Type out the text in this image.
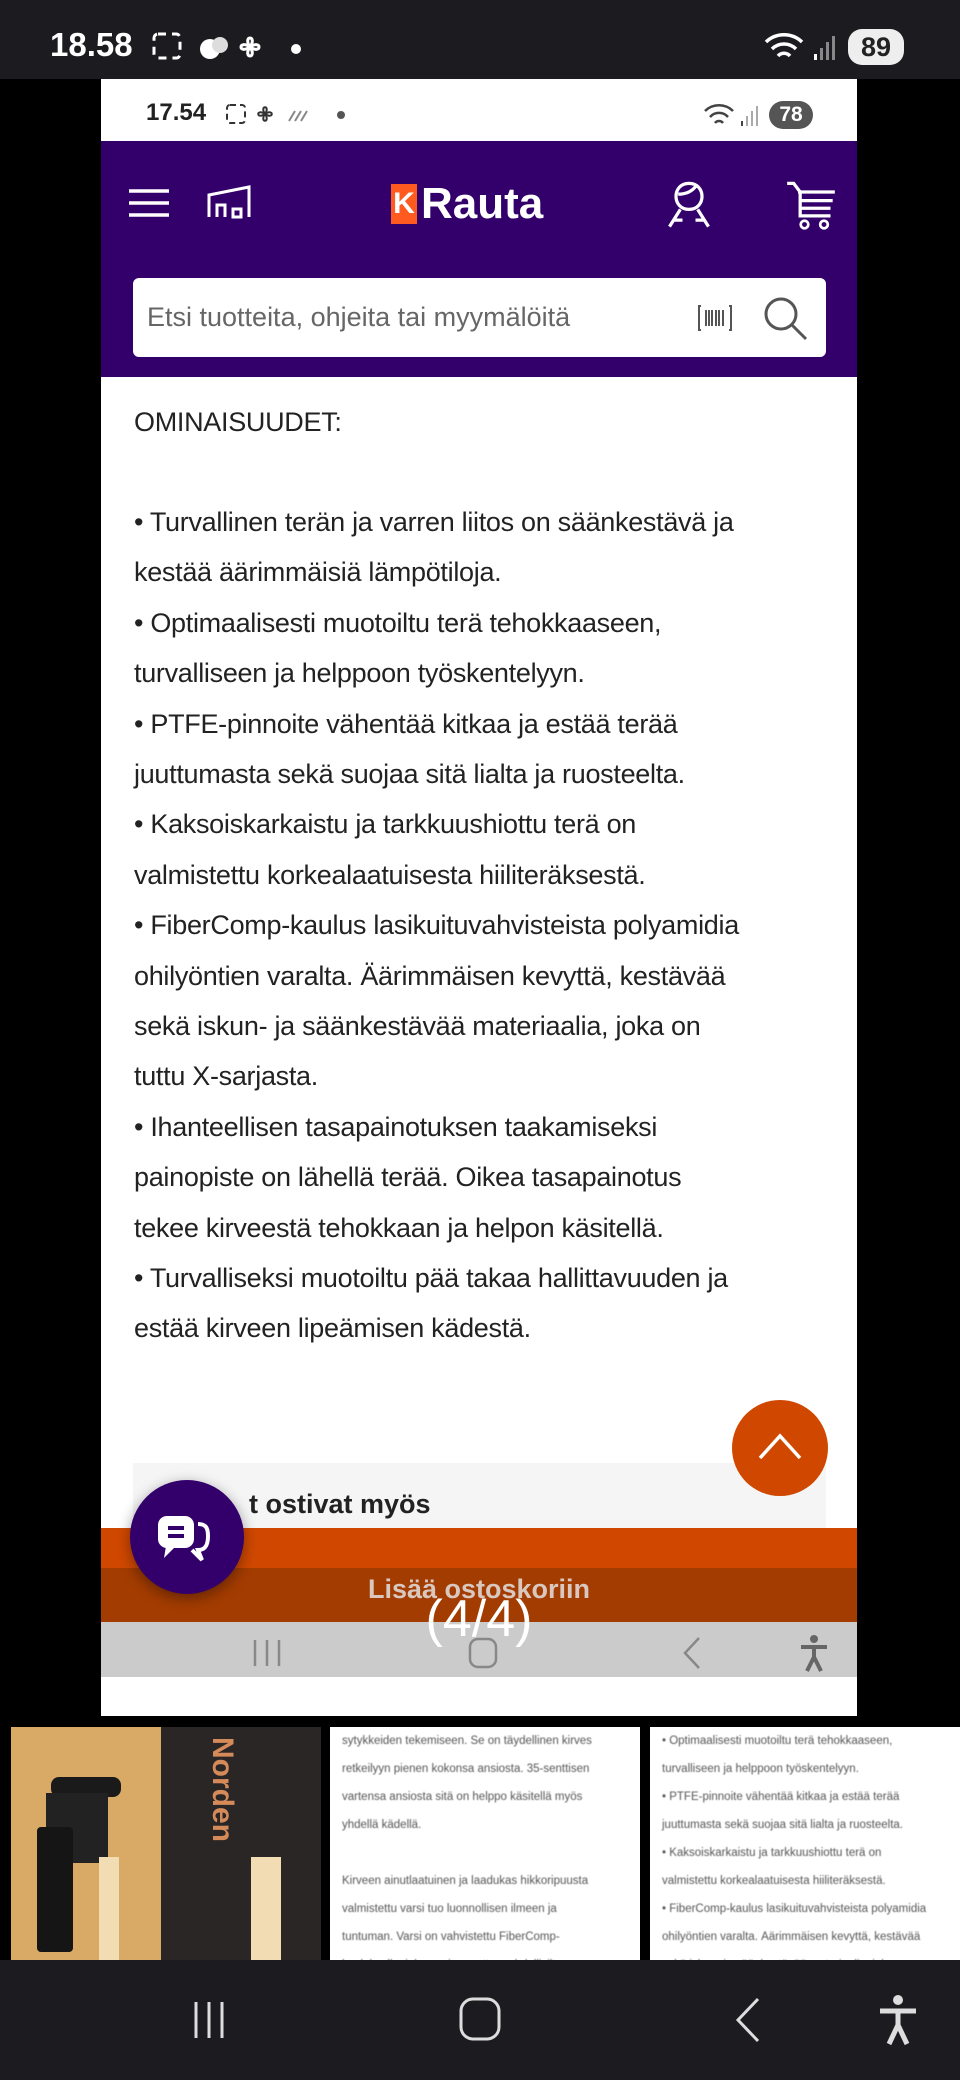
18.58	89
17.54	78
K Rauta
Etsi tuotteita, ohjeita tai myymälöitä
OMINAISUUDET:
• Turvallinen terän ja varren liitos on säänkestävä ja
kestää äärimmäisiä lämpötiloja.
• Optimaalisesti muotoiltu terä tehokkaaseen,
turvalliseen ja helppoon työskentelyyn.
• PTFE-pinnoite vähentää kitkaa ja estää terää
juuttumasta sekä suojaa sitä lialta ja ruosteelta.
• Kaksoiskarkaistu ja tarkkuushiottu terä on
valmistettu korkealaatuisesta hiiliteräksestä.
• FiberComp-kaulus lasikuituvahvisteista polyamidia
ohilyöntien varalta. Äärimmäisen kevyttä, kestävää
sekä iskun- ja säänkestävää materiaalia, joka on
tuttu X-sarjasta.
• Ihanteellisen tasapainotuksen taakamiseksi
painopiste on lähellä terää. Oikea tasapainotus
tekee kirveestä tehokkaan ja helpon käsitellä.
• Turvalliseksi muotoiltu pää takaa hallittavuuden ja
estää kirveen lipeämisen kädestä.
t ostivat myös
Lisää ostoskoriin
(4/4)
Norden	sytykkeiden tekemiseen. Se on täydellinen kirves

retkeilyyn pienen kokonsa ansiosta. 35-senttisen

vartensa ansiosta sitä on helppo käsitellä myös

yhdellä kädellä.

Kirveen ainutlaatuinen ja laadukas hikkoripuusta

valmistettu varsi tuo luonnollisen ilmeen ja

tuntuman. Varsi on vahvistettu FiberComp-

• Optimaalisesti muotoiltu terä tehokkaaseen,

turvalliseen ja helppoon työskentelyyn.

• PTFE-pinnoite vähentää kitkaa ja estää terää

juuttumasta sekä suojaa sitä lialta ja ruosteelta.

• Kaksoiskarkaistu ja tarkkuushiottu terä on

valmistettu korkealaatuisesta hiiliteräksestä.

• FiberComp-kaulus lasikuituvahvisteista polyamidia

ohilyöntien varalta. Äärimmäisen kevyttä, kestävää
